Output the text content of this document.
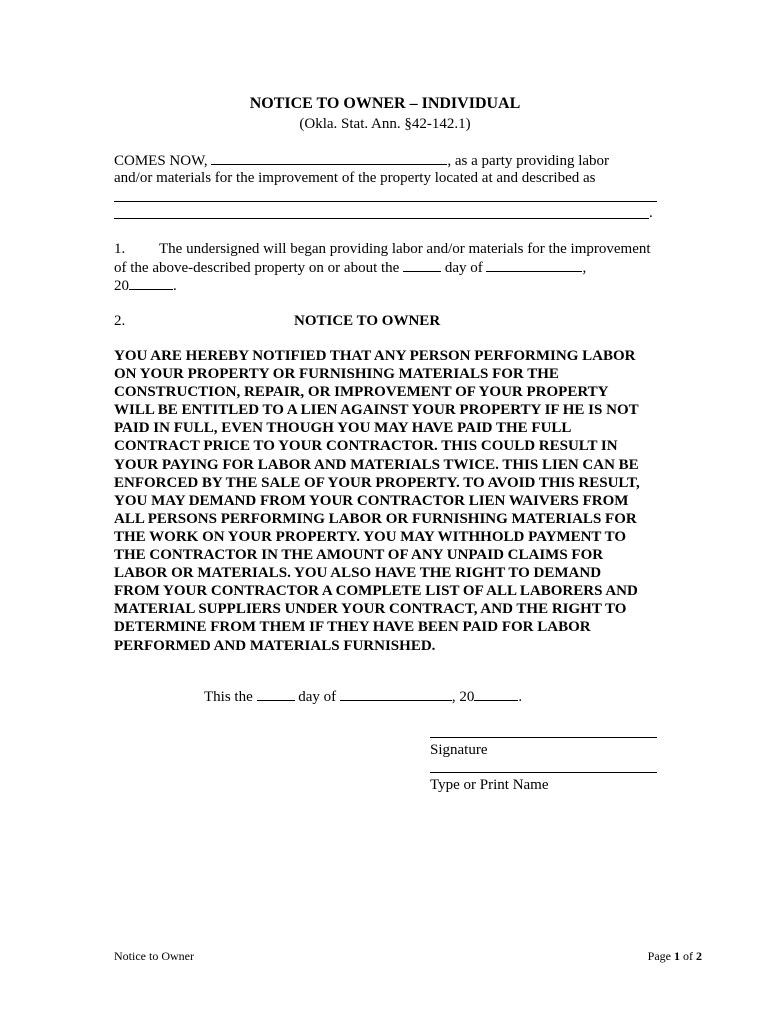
NOTICE TO OWNER – INDIVIDUAL
(Okla. Stat. Ann. §42-142.1)
COMES NOW,	, as a party providing labor
and/or materials for the improvement of the property located at and described as
.
1. The undersigned will began providing labor and/or materials for the improvement
of the above-described property on or about the	day of	,
20	.
2.	NOTICE TO OWNER
YOU ARE HEREBY NOTIFIED THAT ANY PERSON PERFORMING LABOR
ON YOUR PROPERTY OR FURNISHING MATERIALS FOR THE
CONSTRUCTION, REPAIR, OR IMPROVEMENT OF YOUR PROPERTY
WILL BE ENTITLED TO A LIEN AGAINST YOUR PROPERTY IF HE IS NOT
PAID IN FULL, EVEN THOUGH YOU MAY HAVE PAID THE FULL
CONTRACT PRICE TO YOUR CONTRACTOR. THIS COULD RESULT IN
YOUR PAYING FOR LABOR AND MATERIALS TWICE. THIS LIEN CAN BE
ENFORCED BY THE SALE OF YOUR PROPERTY. TO AVOID THIS RESULT,
YOU MAY DEMAND FROM YOUR CONTRACTOR LIEN WAIVERS FROM
ALL PERSONS PERFORMING LABOR OR FURNISHING MATERIALS FOR
THE WORK ON YOUR PROPERTY. YOU MAY WITHHOLD PAYMENT TO
THE CONTRACTOR IN THE AMOUNT OF ANY UNPAID CLAIMS FOR
LABOR OR MATERIALS. YOU ALSO HAVE THE RIGHT TO DEMAND
FROM YOUR CONTRACTOR A COMPLETE LIST OF ALL LABORERS AND
MATERIAL SUPPLIERS UNDER YOUR CONTRACT, AND THE RIGHT TO
DETERMINE FROM THEM IF THEY HAVE BEEN PAID FOR LABOR
PERFORMED AND MATERIALS FURNISHED.
This the	day of	, 20	.
Signature
Type or Print Name
Notice to Owner	Page 1 of 2
